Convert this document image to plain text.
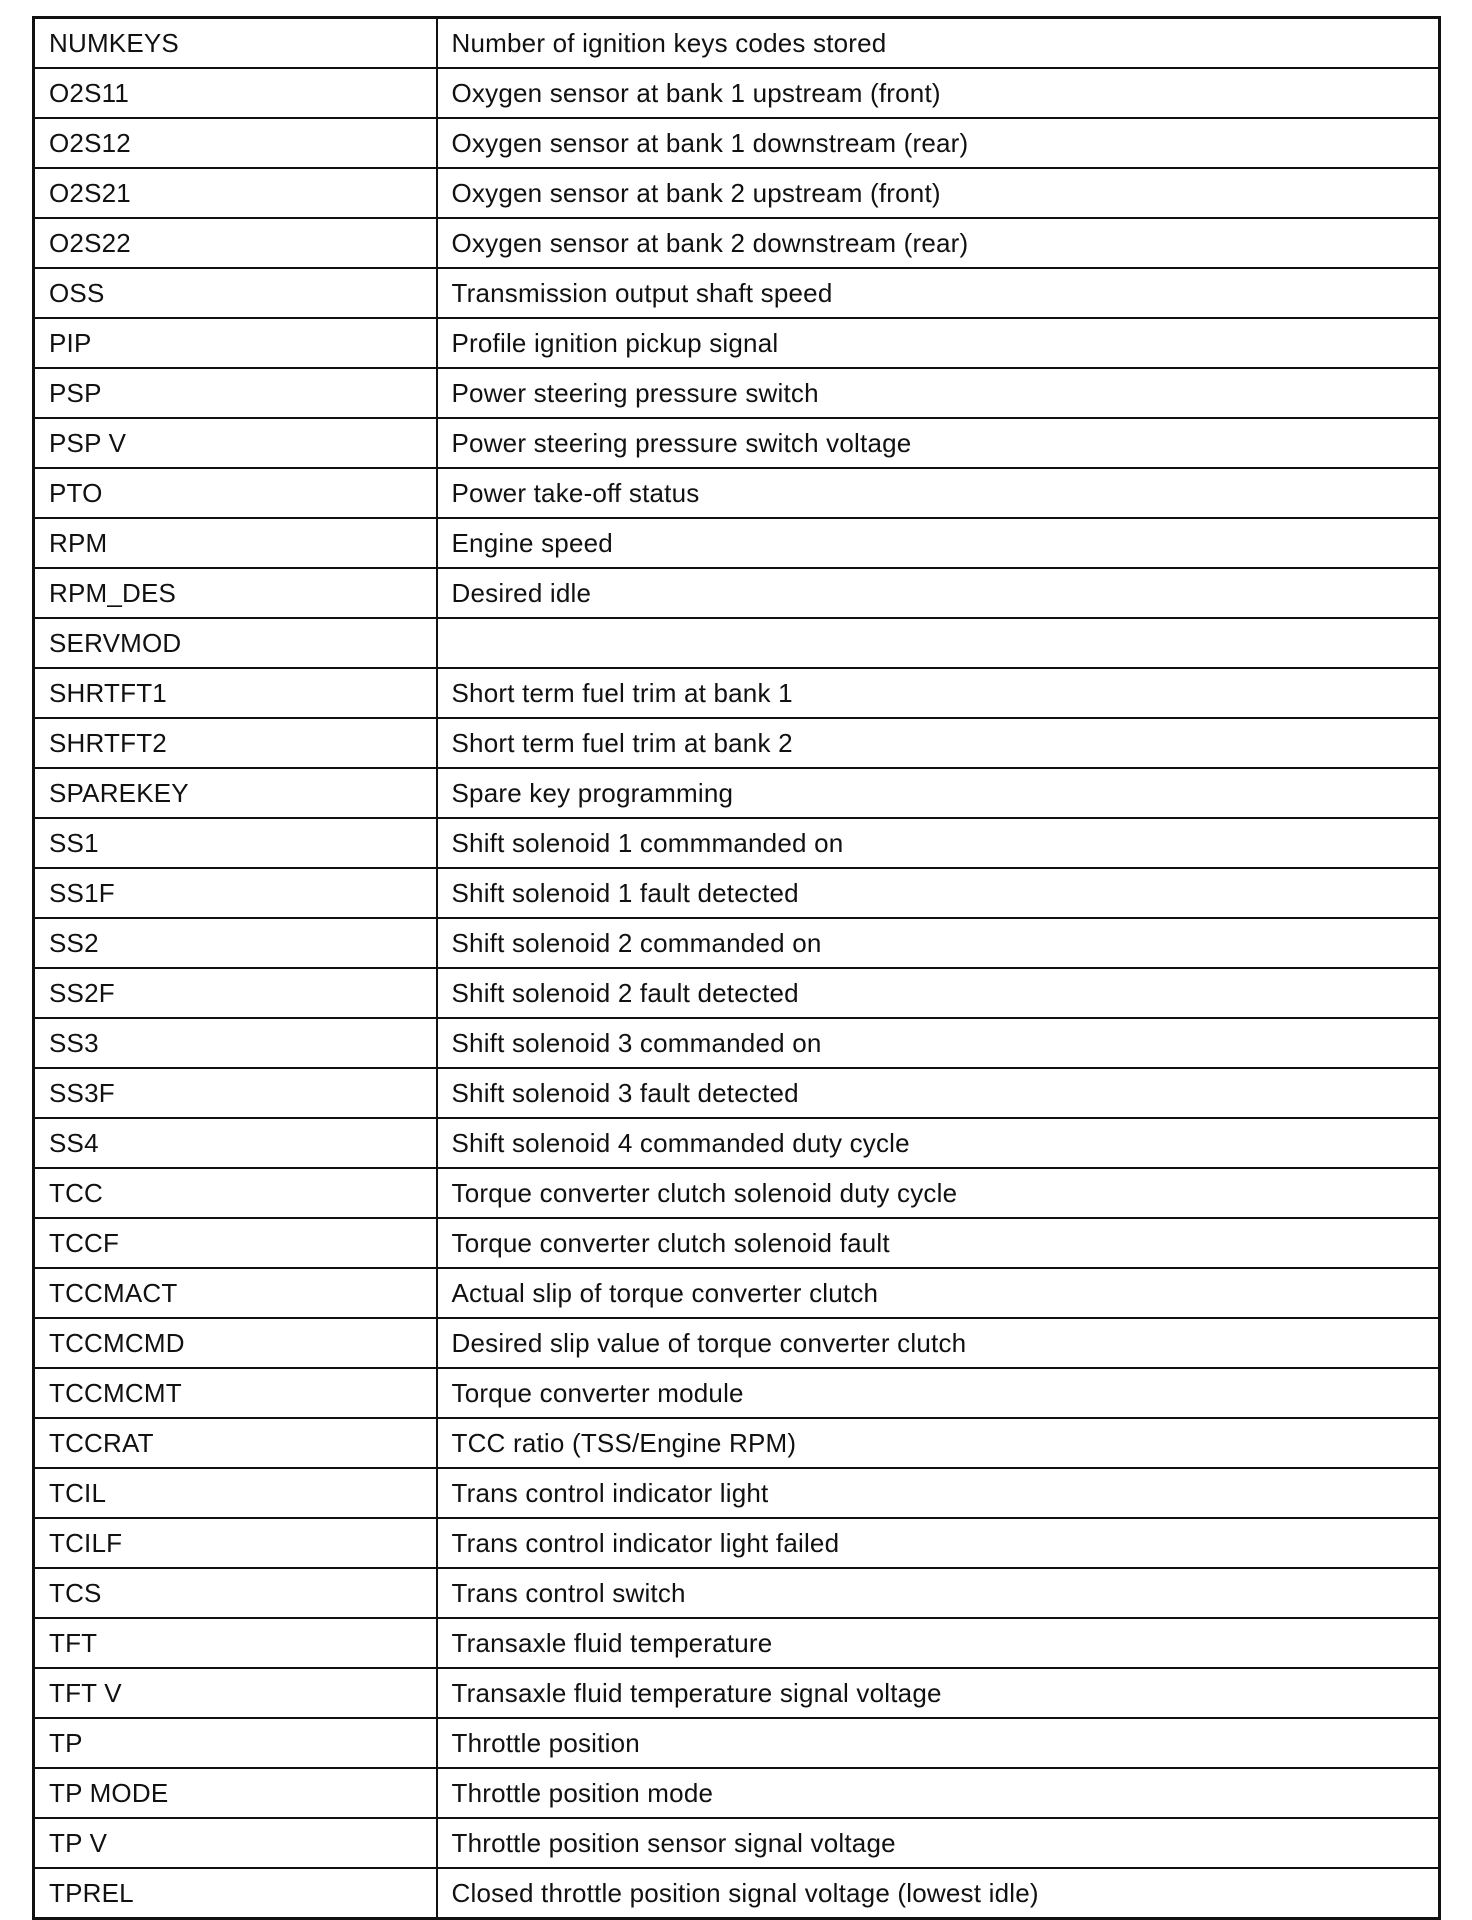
NUMKEYS	Number of ignition keys codes stored
O2S11	Oxygen sensor at bank 1 upstream (front)
O2S12	Oxygen sensor at bank 1 downstream (rear)
O2S21	Oxygen sensor at bank 2 upstream (front)
O2S22	Oxygen sensor at bank 2 downstream (rear)
OSS	Transmission output shaft speed
PIP	Profile ignition pickup signal
PSP	Power steering pressure switch
PSP V	Power steering pressure switch voltage
PTO	Power take-off status
RPM	Engine speed
RPM_DES	Desired idle
SERVMOD	
SHRTFT1	Short term fuel trim at bank 1
SHRTFT2	Short term fuel trim at bank 2
SPAREKEY	Spare key programming
SS1	Shift solenoid 1 commmanded on
SS1F	Shift solenoid 1 fault detected
SS2	Shift solenoid 2 commanded on
SS2F	Shift solenoid 2 fault detected
SS3	Shift solenoid 3 commanded on
SS3F	Shift solenoid 3 fault detected
SS4	Shift solenoid 4 commanded duty cycle
TCC	Torque converter clutch solenoid duty cycle
TCCF	Torque converter clutch solenoid fault
TCCMACT	Actual slip of torque converter clutch
TCCMCMD	Desired slip value of torque converter clutch
TCCMCMT	Torque converter module
TCCRAT	TCC ratio (TSS/Engine RPM)
TCIL	Trans control indicator light
TCILF	Trans control indicator light failed
TCS	Trans control switch
TFT	Transaxle fluid temperature
TFT V	Transaxle fluid temperature signal voltage
TP	Throttle position
TP MODE	Throttle position mode
TP V	Throttle position sensor signal voltage
TPREL	Closed throttle position signal voltage (lowest idle)
